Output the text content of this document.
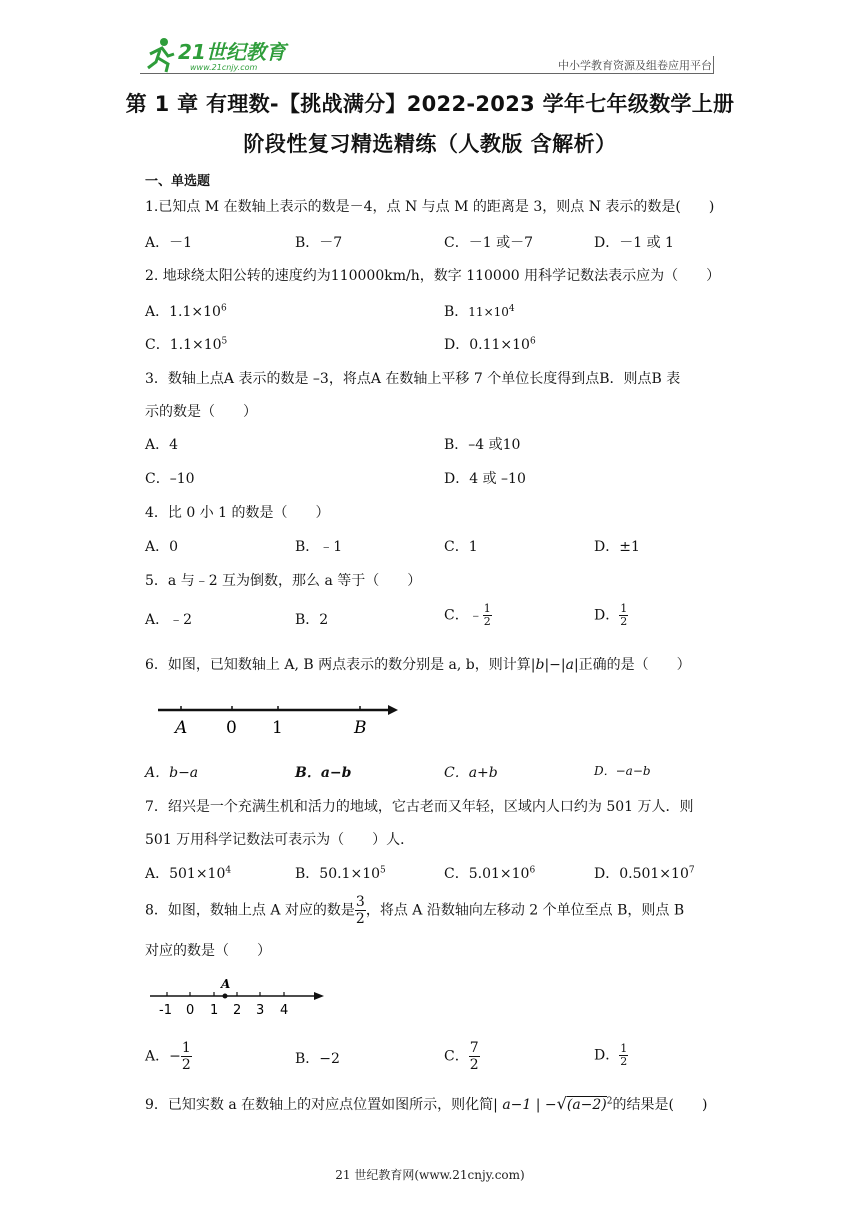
21世纪教育
www.21cnjy.com	中小学教育资源及组卷应用平台
第 1 章 有理数-【挑战满分】2022-2023 学年七年级数学上册
阶段性复习精选精练（人教版 含解析）
一、单选题
1.已知点 M 在数轴上表示的数是－4，点 N 与点 M 的距离是 3，则点 N 表示的数是(　　)
A．－1	B．－7	C．－1 或－7	D．－1 或 1
2. 地球绕太阳公转的速度约为110000km/h，数字 110000 用科学记数法表示应为（　　）
A．$1.1\times 10^6$	B．$11\times 10^4$
C．$1.1\times 10^5$	D．$0.11\times 10^6$
3．数轴上点A 表示的数是 –3，将点A 在数轴上平移 7 个单位长度得到点B．则点B 表
示的数是（　　）
A．4	B．–4 或10
C．–10	D．4 或 –10
4．比 0 小 1 的数是（　　）
A．0	B．﹣1	C．1	D．±1
5．a 与﹣2 互为倒数，那么 a 等于（　　）
A．﹣2	B．2	C．﹣ $\frac{1}{2}$	D． $\frac{1}{2}$
6．如图，已知数轴上 A, B 两点表示的数分别是 a, b，则计算|b|−|a|正确的是（　　）
A 0 1	B
A．b−a	B．a−b	C．a+b	D．−a−b
7．绍兴是一个充满生机和活力的地域，它古老而又年轻，区域内人口约为 501 万人．则
501 万用科学记数法可表示为（　　）人．
A．$501\times 10^4$	B．$50.1\times 10^5$	C．$5.01\times 10^6$	D．$0.501\times 10^7$
8．如图，数轴上点 A 对应的数是 $\frac{3}{2}$ ，将点 A 沿数轴向左移动 2 个单位至点 B，则点 B
对应的数是（　　）
A
-1 0 1 2 3 4
A．− $\frac{1}{2}$	B．−2	C． $\frac{7}{2}$	D． $\frac{1}{2}$
9．已知实数 a 在数轴上的对应点位置如图所示，则化简| a−1 | $-√(a-2)^2$的结果是(　　)
21 世纪教育网(www.21cnjy.com)
